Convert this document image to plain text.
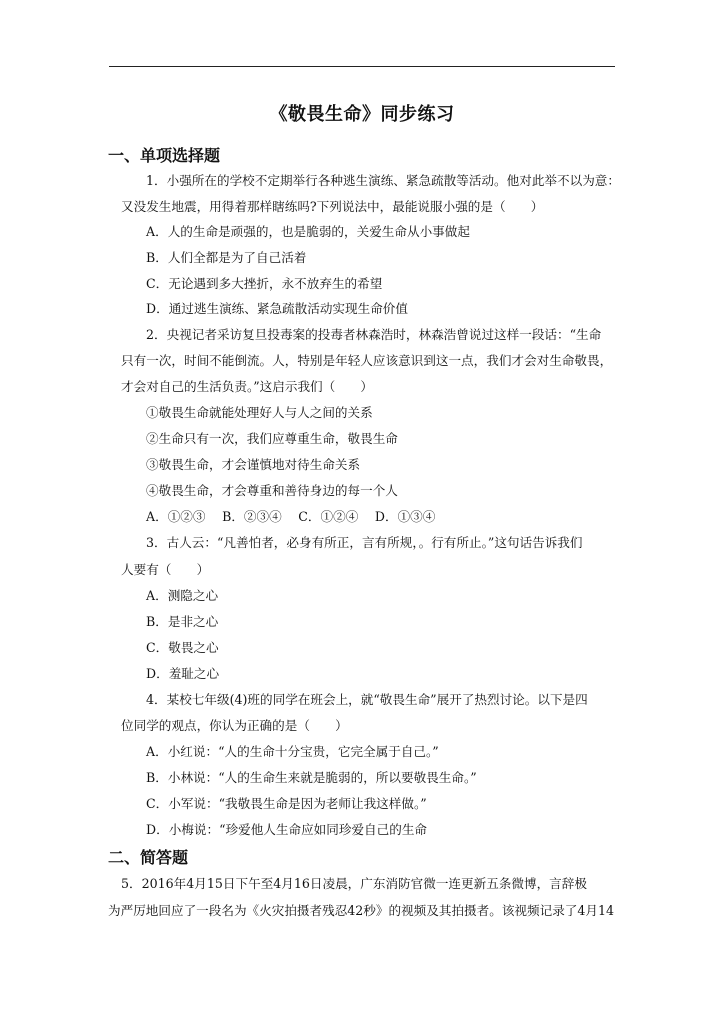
《敬畏生命》同步练习
一、单项选择题
1．小强所在的学校不定期举行各种逃生演练、紧急疏散等活动。他对此举不以为意：
又没发生地震，用得着那样瞎练吗?下列说法中，最能说服小强的是（　　）
A．人的生命是顽强的，也是脆弱的，关爱生命从小事做起
B．人们全都是为了自己活着
C．无论遇到多大挫折，永不放弃生的希望
D．通过逃生演练、紧急疏散活动实现生命价值
2．央视记者采访复旦投毒案的投毒者林森浩时，林森浩曾说过这样一段话：“生命
只有一次，时间不能倒流。人，特别是年轻人应该意识到这一点，我们才会对生命敬畏，
才会对自己的生活负责。”这启示我们（　　）
①敬畏生命就能处理好人与人之间的关系
②生命只有一次，我们应尊重生命，敬畏生命
③敬畏生命，才会谨慎地对待生命关系
④敬畏生命，才会尊重和善待身边的每一个人
A．①②③　 B．②③④　 C．①②④　 D．①③④
3．古人云：“凡善怕者，必身有所正，言有所规，。行有所止。”这句话告诉我们
人要有（　　）
A．测隐之心
B．是非之心
C．敬畏之心
D．羞耻之心
4．某校七年级(4)班的同学在班会上，就“敬畏生命”展开了热烈讨论。以下是四
位同学的观点，你认为正确的是（　　）
A．小红说：“人的生命十分宝贵，它完全属于自己。”
B．小林说：“人的生命生来就是脆弱的，所以要敬畏生命。”
C．小军说：“我敬畏生命是因为老师让我这样做。”
D．小梅说：“珍爱他人生命应如同珍爱自己的生命
二、简答题
5．2016年4月15日下午至4月16日凌晨，广东消防官微一连更新五条微博，言辞极
为严厉地回应了一段名为《火灾拍摄者残忍42秒》的视频及其拍摄者。该视频记录了4月14
